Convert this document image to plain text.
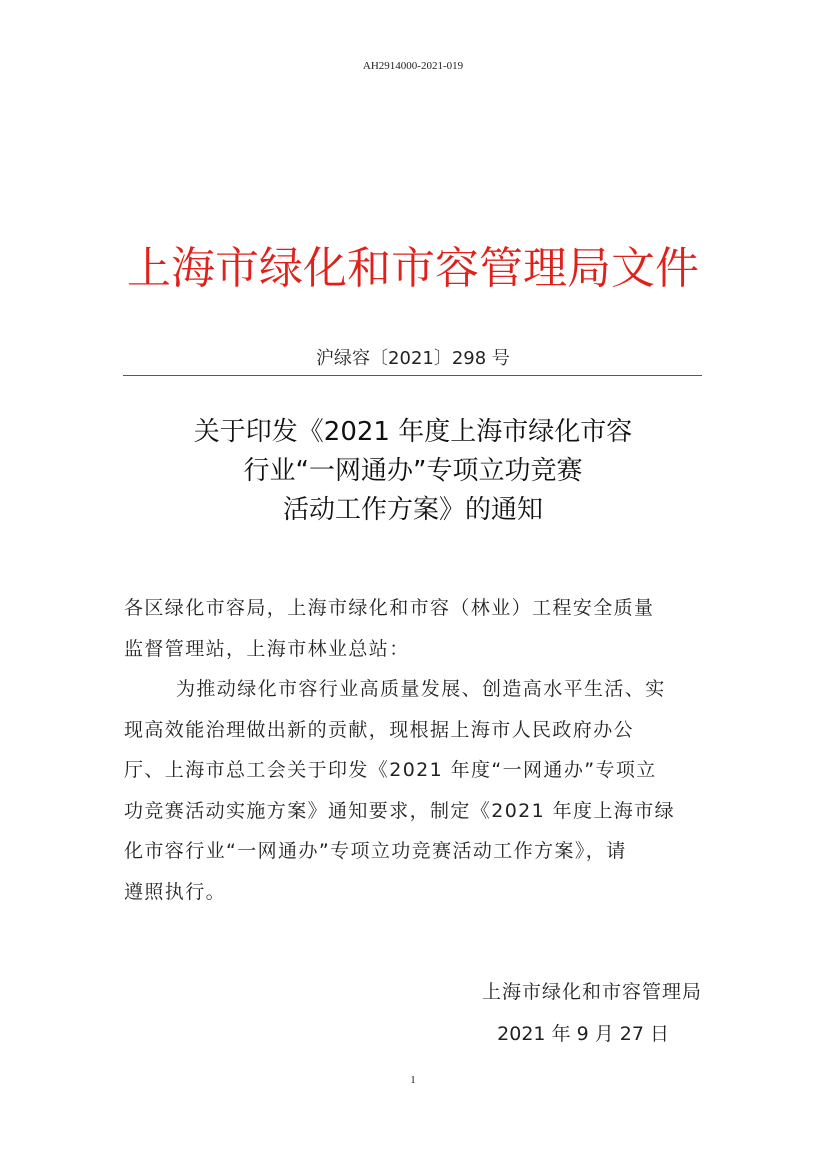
AH2914000-2021-019
上海市绿化和市容管理局文件
沪绿容〔2021〕298 号
关于印发《2021 年度上海市绿化市容
行业“一网通办”专项立功竞赛
活动工作方案》的通知

各区绿化市容局，上海市绿化和市容（林业）工程安全质量

监督管理站，上海市林业总站：

为推动绿化市容行业高质量发展、创造高水平生活、实

现高效能治理做出新的贡献，现根据上海市人民政府办公

厅、上海市总工会关于印发《2021 年度“一网通办”专项立

功竞赛活动实施方案》通知要求，制定《2021 年度上海市绿

化市容行业“一网通办”专项立功竞赛活动工作方案》，请

遵照执行。

上海市绿化和市容管理局
2021 年 9 月 27 日
1
